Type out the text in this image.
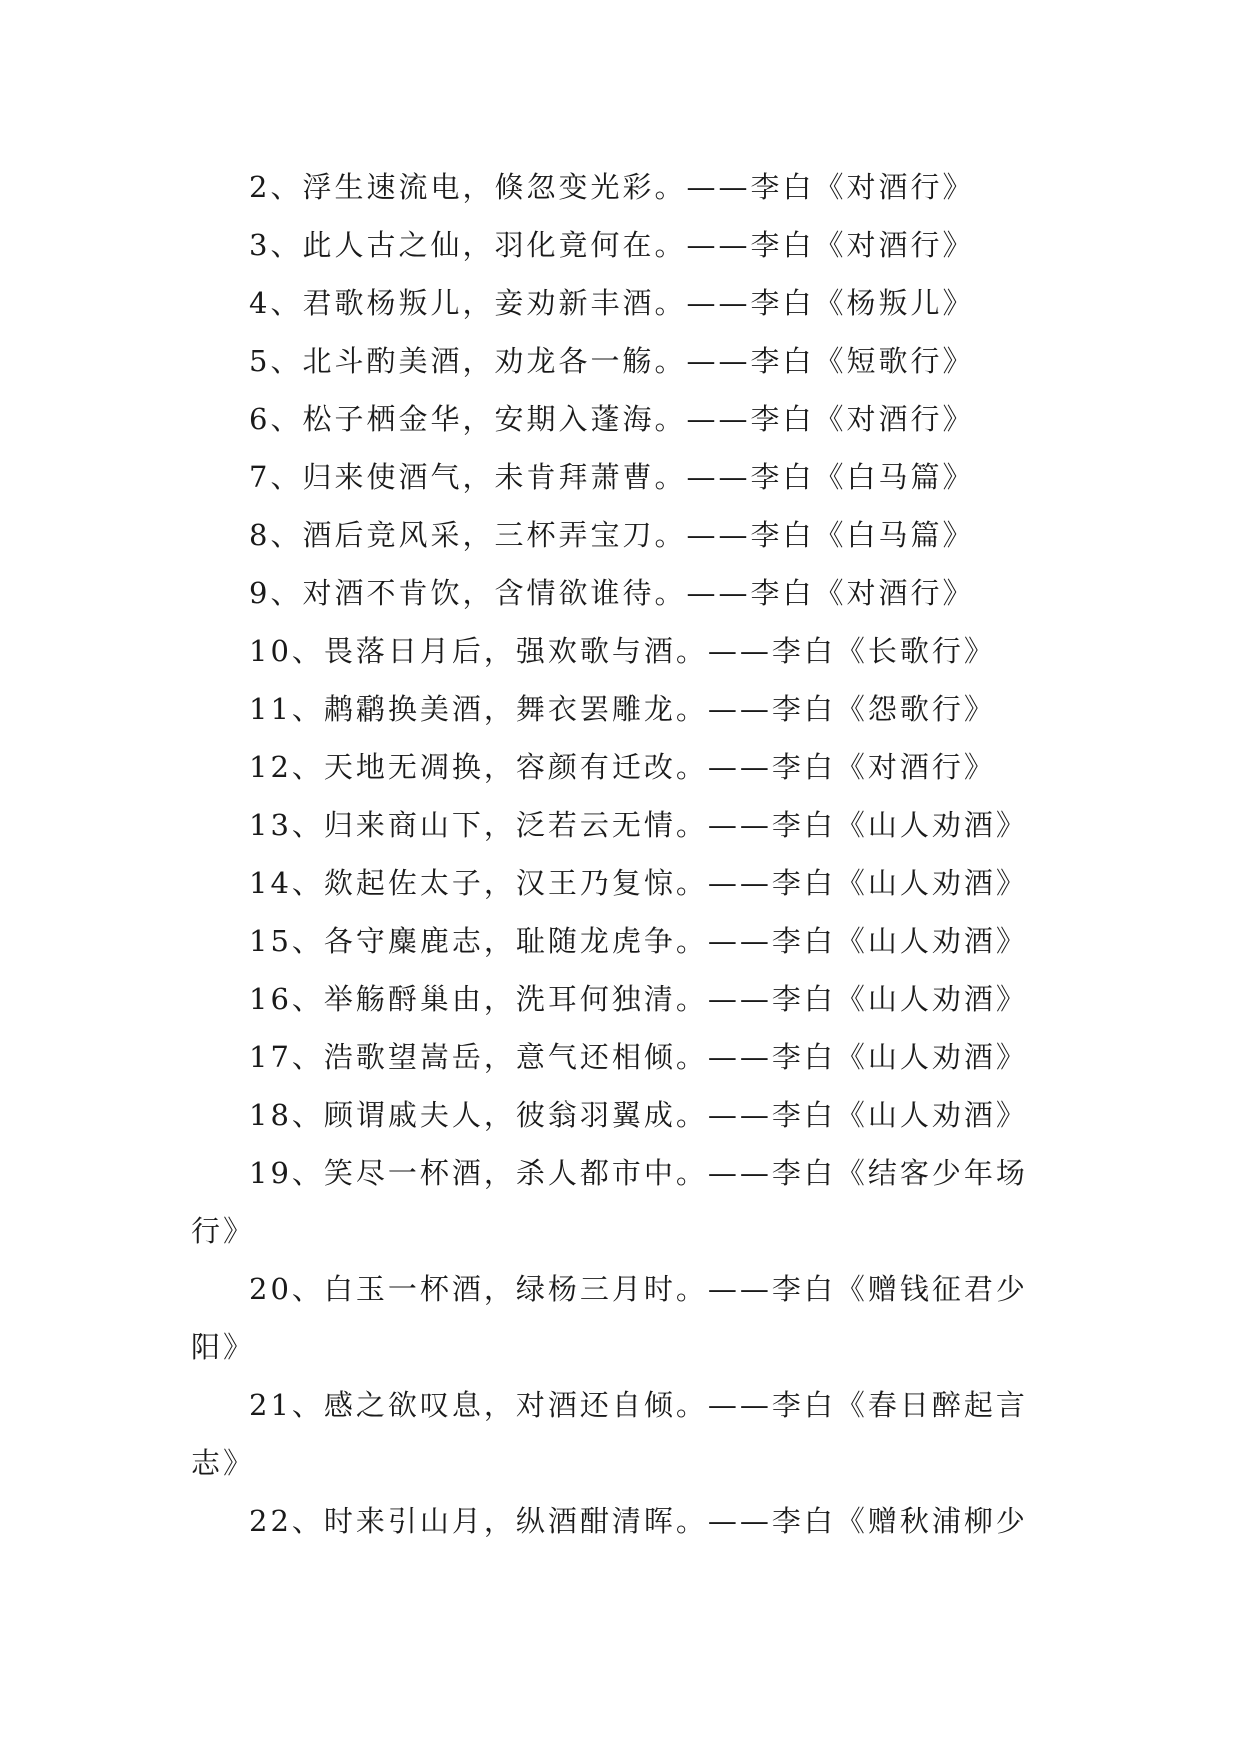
2、浮生速流电，倏忽变光彩。——李白《对酒行》

3、此人古之仙，羽化竟何在。——李白《对酒行》

4、君歌杨叛儿，妾劝新丰酒。——李白《杨叛儿》

5、北斗酌美酒，劝龙各一觞。——李白《短歌行》

6、松子栖金华，安期入蓬海。——李白《对酒行》

7、归来使酒气，未肯拜萧曹。——李白《白马篇》

8、酒后竞风采，三杯弄宝刀。——李白《白马篇》

9、对酒不肯饮，含情欲谁待。——李白《对酒行》

10、畏落日月后，强欢歌与酒。——李白《长歌行》

11、鹔鹴换美酒，舞衣罢雕龙。——李白《怨歌行》

12、天地无凋换，容颜有迁改。——李白《对酒行》

13、归来商山下，泛若云无情。——李白《山人劝酒》

14、欻起佐太子，汉王乃复惊。——李白《山人劝酒》

15、各守麋鹿志，耻随龙虎争。——李白《山人劝酒》

16、举觞酹巢由，洗耳何独清。——李白《山人劝酒》

17、浩歌望嵩岳，意气还相倾。——李白《山人劝酒》

18、顾谓戚夫人，彼翁羽翼成。——李白《山人劝酒》

19、笑尽一杯酒，杀人都市中。——李白《结客少年场行》

20、白玉一杯酒，绿杨三月时。——李白《赠钱征君少阳》

21、感之欲叹息，对酒还自倾。——李白《春日醉起言志》

22、时来引山月，纵酒酣清晖。——李白《赠秋浦柳少
